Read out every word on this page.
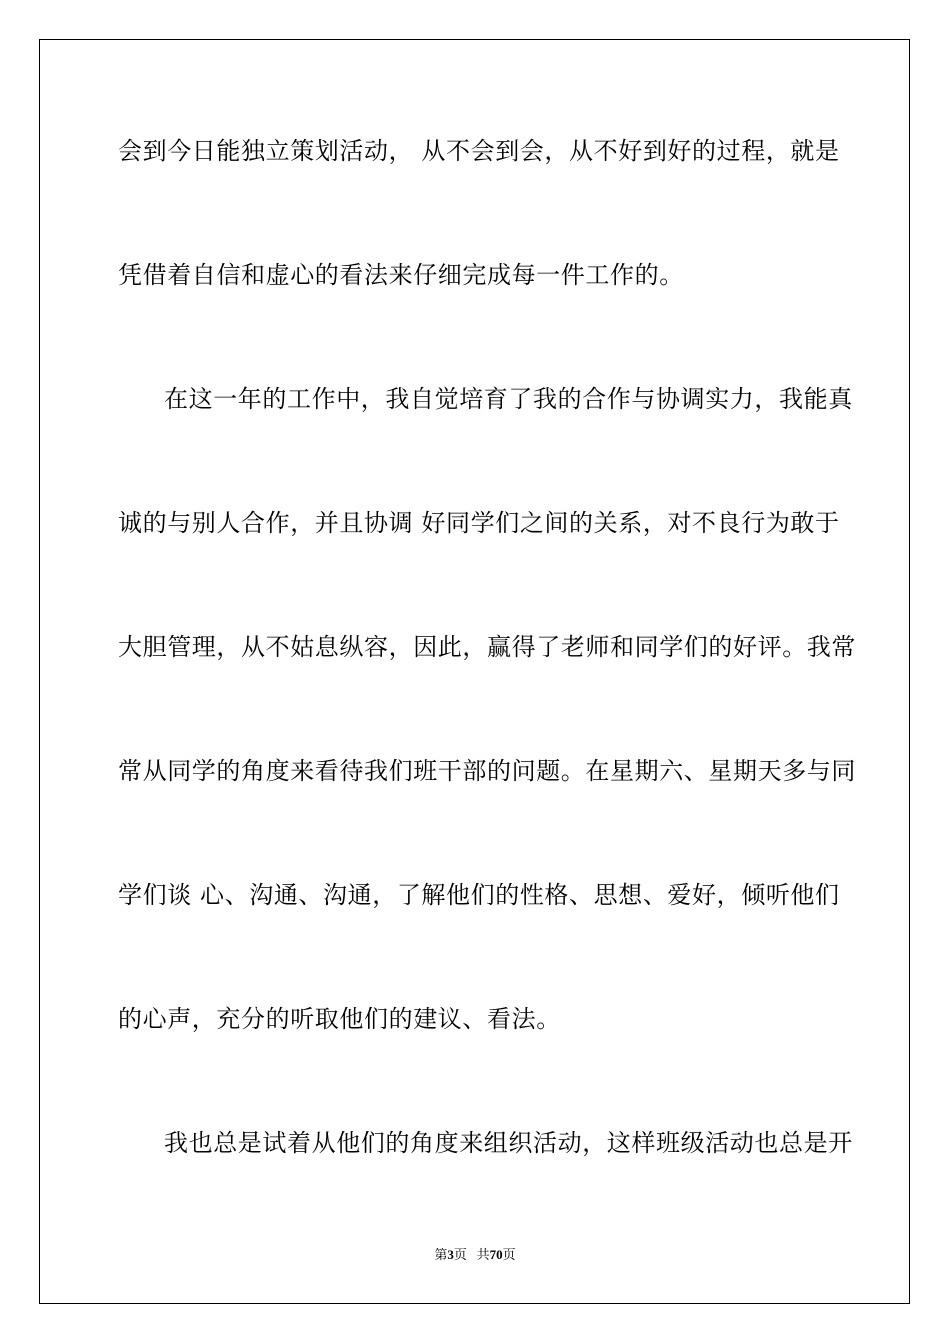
会到今日能独立策划活动， 从不会到会，从不好到好的过程，就是
凭借着自信和虚心的看法来仔细完成每一件工作的。
在这一年的工作中，我自觉培育了我的合作与协调实力，我能真
诚的与别人合作，并且协调 好同学们之间的关系，对不良行为敢于
大胆管理，从不姑息纵容，因此，赢得了老师和同学们的好评。我常
常从同学的角度来看待我们班干部的问题。在星期六、星期天多与同
学们谈 心、沟通、沟通，了解他们的性格、思想、爱好，倾听他们
的心声，充分的听取他们的建议、看法。
我也总是试着从他们的角度来组织活动，这样班级活动也总是开
第3页 共70页
